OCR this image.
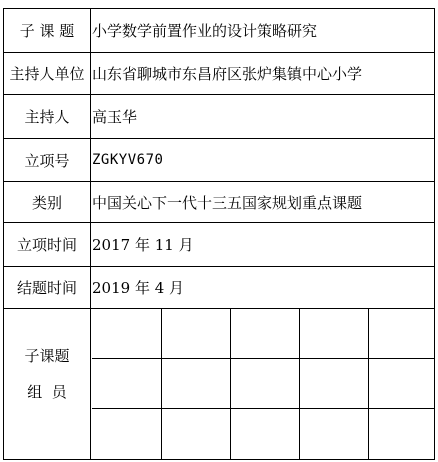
子 课 题	小学数学前置作业的设计策略研究
主持人单位 山东省聊城市东昌府区张炉集镇中心小学
主持人	高玉华
立项号	ZGKYV670
类别	中国关心下一代十三五国家规划重点课题
立项时间	2017 年 11 月
结题时间	2019 年 4 月
子课题
组  员
